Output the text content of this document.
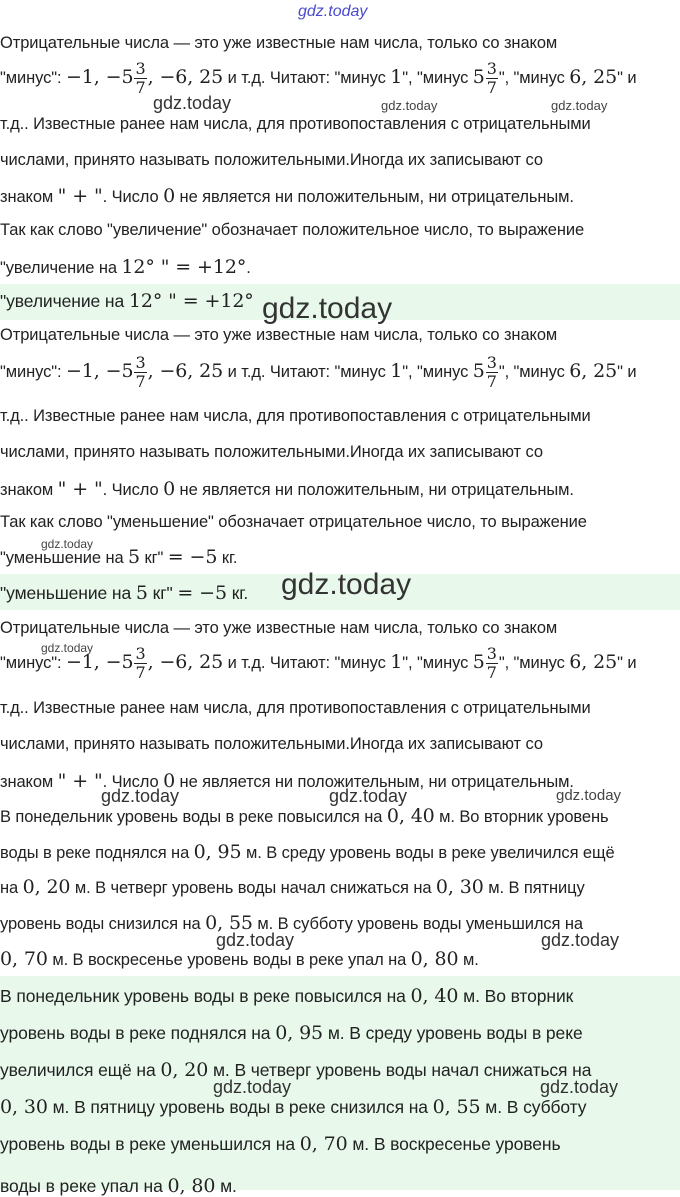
gdz.today
Отрицательные числа — это уже известные нам числа, только со знаком
"минус": −1, $-5 \frac{3}{7}$ , −6, 25 и т.д. Читают: "минус 1", "минус $5 \frac{3}{7}$ ", "минус 6, 25" и
т.д.. Известные ранее нам числа, для противопоставления с отрицательными
числами, принято называть положительными.Иногда их записывают со
знаком " + ". Число 0 не является ни положительным, ни отрицательным.
Так как слово "увеличение" обозначает положительное число, то выражение
"увеличение на 12° " = +12°.
"увеличение на 12° " = +12°
Отрицательные числа — это уже известные нам числа, только со знаком
"минус": −1, $-5 \frac{3}{7}$ , −6, 25 и т.д. Читают: "минус 1", "минус $5 \frac{3}{7}$ ", "минус 6, 25" и
т.д.. Известные ранее нам числа, для противопоставления с отрицательными
числами, принято называть положительными.Иногда их записывают со
знаком " + ". Число 0 не является ни положительным, ни отрицательным.
Так как слово "уменьшение" обозначает отрицательное число, то выражение
"уменьшение на 5 кг" = −5 кг.
"уменьшение на 5 кг" = −5 кг.
Отрицательные числа — это уже известные нам числа, только со знаком
"минус": −1, $-5 \frac{3}{7}$ , −6, 25 и т.д. Читают: "минус 1", "минус $5 \frac{3}{7}$ ", "минус 6, 25" и
т.д.. Известные ранее нам числа, для противопоставления с отрицательными
числами, принято называть положительными.Иногда их записывают со
знаком " + ". Число 0 не является ни положительным, ни отрицательным.
В понедельник уровень воды в реке повысился на 0, 40 м. Во вторник уровень
воды в реке поднялся на 0, 95 м. В среду уровень воды в реке увеличился ещё
на 0, 20 м. В четверг уровень воды начал снижаться на 0, 30 м. В пятницу
уровень воды снизился на 0, 55 м. В субботу уровень воды уменьшился на
0, 70 м. В воскресенье уровень воды в реке упал на 0, 80 м.
В понедельник уровень воды в реке повысился на 0, 40 м. Во вторник
уровень воды в реке поднялся на 0, 95 м. В среду уровень воды в реке
увеличился ещё на 0, 20 м. В четверг уровень воды начал снижаться на
0, 30 м. В пятницу уровень воды в реке снизился на 0, 55 м. В субботу
уровень воды в реке уменьшился на 0, 70 м. В воскресенье уровень
воды в реке упал на 0, 80 м.
gdz.today	gdz.today	gdz.today
gdz.today
gdz.today
gdz.today
gdz.today
gdz.today	gdz.today	gdz.today
gdz.today	gdz.today
gdz.today	gdz.today
